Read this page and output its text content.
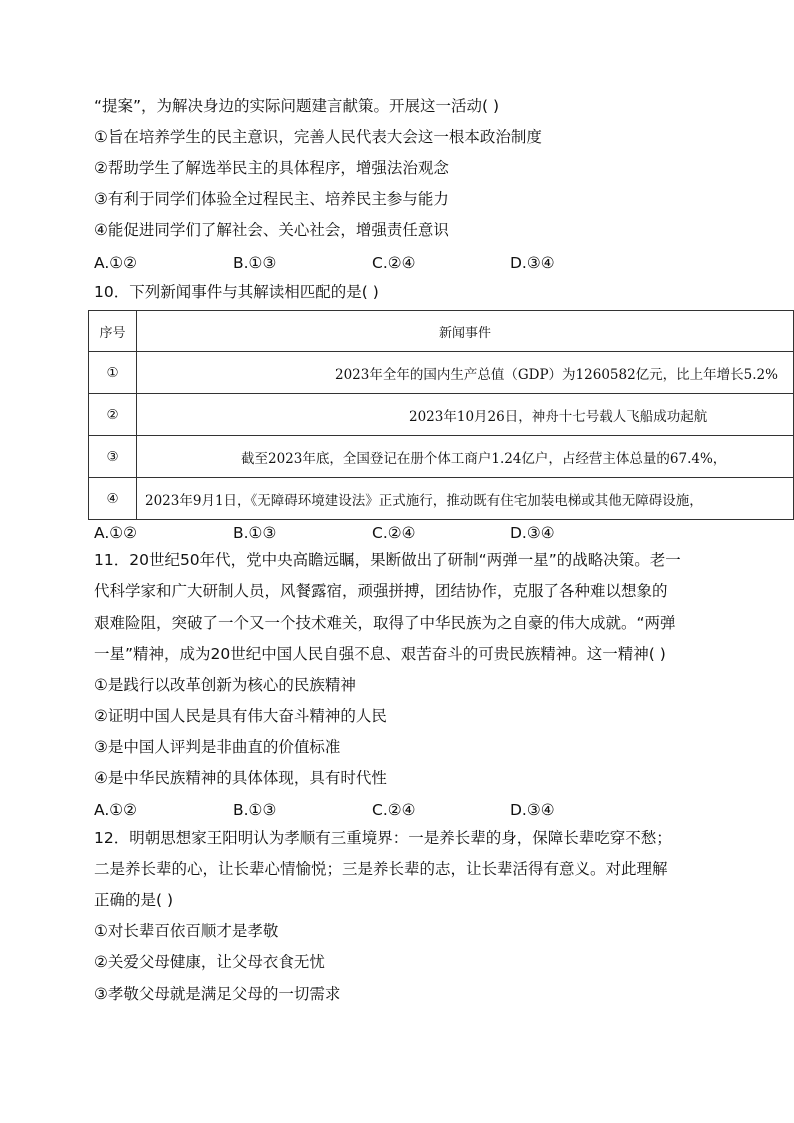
“提案”，为解决身边的实际问题建言献策。开展这一活动( )
①旨在培养学生的民主意识，完善人民代表大会这一根本政治制度
②帮助学生了解选举民主的具体程序，增强法治观念
③有利于同学们体验全过程民主、培养民主参与能力
④能促进同学们了解社会、关心社会，增强责任意识
A.①②	B.①③	C.②④	D.③④
10．下列新闻事件与其解读相匹配的是( )
序号	新闻事件
①	2023年全年的国内生产总值（GDP）为1260582亿元，比上年增长5.2%
②	2023年10月26日，神舟十七号载人飞船成功起航
③	截至2023年底，全国登记在册个体工商户1.24亿户，占经营主体总量的67.4%，
④	2023年9月1日，《无障碍环境建设法》正式施行，推动既有住宅加装电梯或其他无障碍设施，
A.①②	B.①③	C.②④	D.③④
11．20世纪50年代，党中央高瞻远瞩，果断做出了研制“两弹一星”的战略决策。老一
代科学家和广大研制人员，风餐露宿，顽强拼搏，团结协作，克服了各种难以想象的
艰难险阻，突破了一个又一个技术难关，取得了中华民族为之自豪的伟大成就。“两弹
一星”精神，成为20世纪中国人民自强不息、艰苦奋斗的可贵民族精神。这一精神( )
①是践行以改革创新为核心的民族精神
②证明中国人民是具有伟大奋斗精神的人民
③是中国人评判是非曲直的价值标准
④是中华民族精神的具体体现，具有时代性
A.①②	B.①③	C.②④	D.③④
12．明朝思想家王阳明认为孝顺有三重境界：一是养长辈的身，保障长辈吃穿不愁；
二是养长辈的心，让长辈心情愉悦；三是养长辈的志，让长辈活得有意义。对此理解
正确的是( )
①对长辈百依百顺才是孝敬
②关爱父母健康，让父母衣食无忧
③孝敬父母就是满足父母的一切需求
